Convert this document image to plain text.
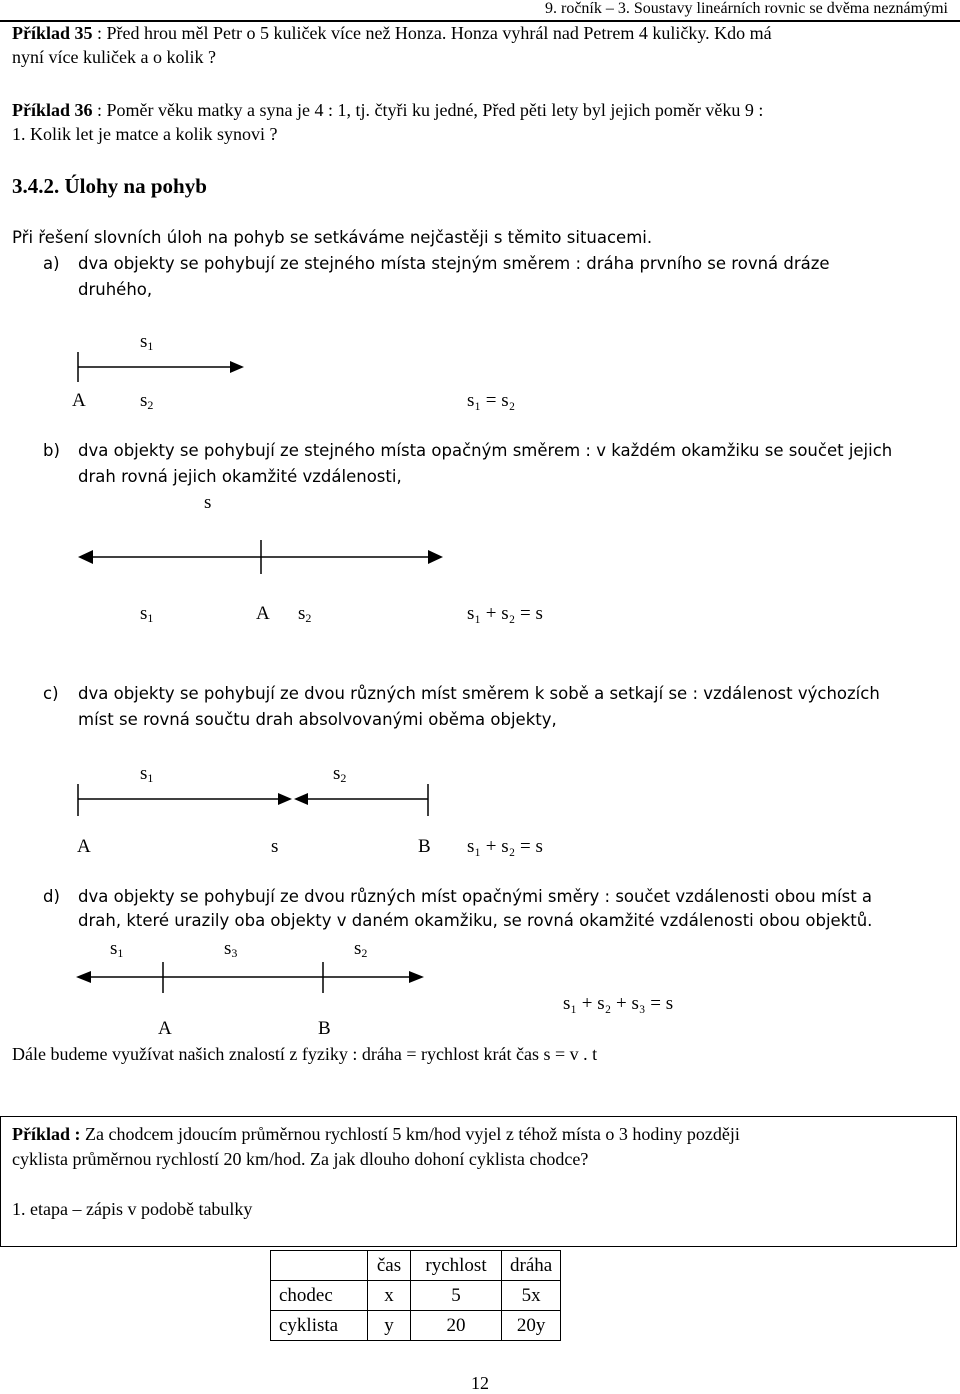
9. ročník – 3. Soustavy lineárních rovnic se dvěma neznámými
Příklad 35 : Před hrou měl Petr o 5 kuliček více než Honza. Honza vyhrál nad Petrem 4 kuličky. Kdo má
nyní více kuliček a o kolik ?
Příklad 36 : Poměr věku matky a syna je 4 : 1, tj. čtyři ku jedné, Před pěti lety byl jejich poměr věku 9 :
1. Kolik let je matce a kolik synovi ?
3.4.2. Úlohy na pohyb
Při řešení slovních úloh na pohyb se setkáváme nejčastěji s těmito situacemi.
a) dva objekty se pohybují ze stejného místa stejným směrem : dráha prvního se rovná dráze
druhého,
$s_1$
A	$s_2$	s₁ = s₂
b) dva objekty se pohybují ze stejného místa opačným směrem : v každém okamžiku se součet jejich
drah rovná jejich okamžité vzdálenosti,
s
$s_1$	A $s_2$	s₁ + s₂ = s
c) dva objekty se pohybují ze dvou různých míst směrem k sobě a setkají se : vzdálenost výchozích
míst se rovná součtu drah absolvovanými oběma objekty,
$s_1$	$s_2$
A	s	B s₁ + s₂ = s
d) dva objekty se pohybují ze dvou různých míst opačnými směry : součet vzdálenosti obou míst a
drah, které urazily oba objekty v daném okamžiku, se rovná okamžité vzdálenosti obou objektů.
$s_1$	$s_3$	$s_2$
s₁ + s₂ + s₃ = s
A	B
Dále budeme využívat našich znalostí z fyziky : dráha = rychlost krát čas s = v . t
Příklad : Za chodcem jdoucím průměrnou rychlostí 5 km/hod vyjel z téhož místa o 3 hodiny později
cyklista průměrnou rychlostí 20 km/hod. Za jak dlouho dohoní cyklista chodce?
1. etapa – zápis v podobě tabulky
	čas	rychlost	dráha
chodec	x	5	5x
cyklista	y	20	20y
12
